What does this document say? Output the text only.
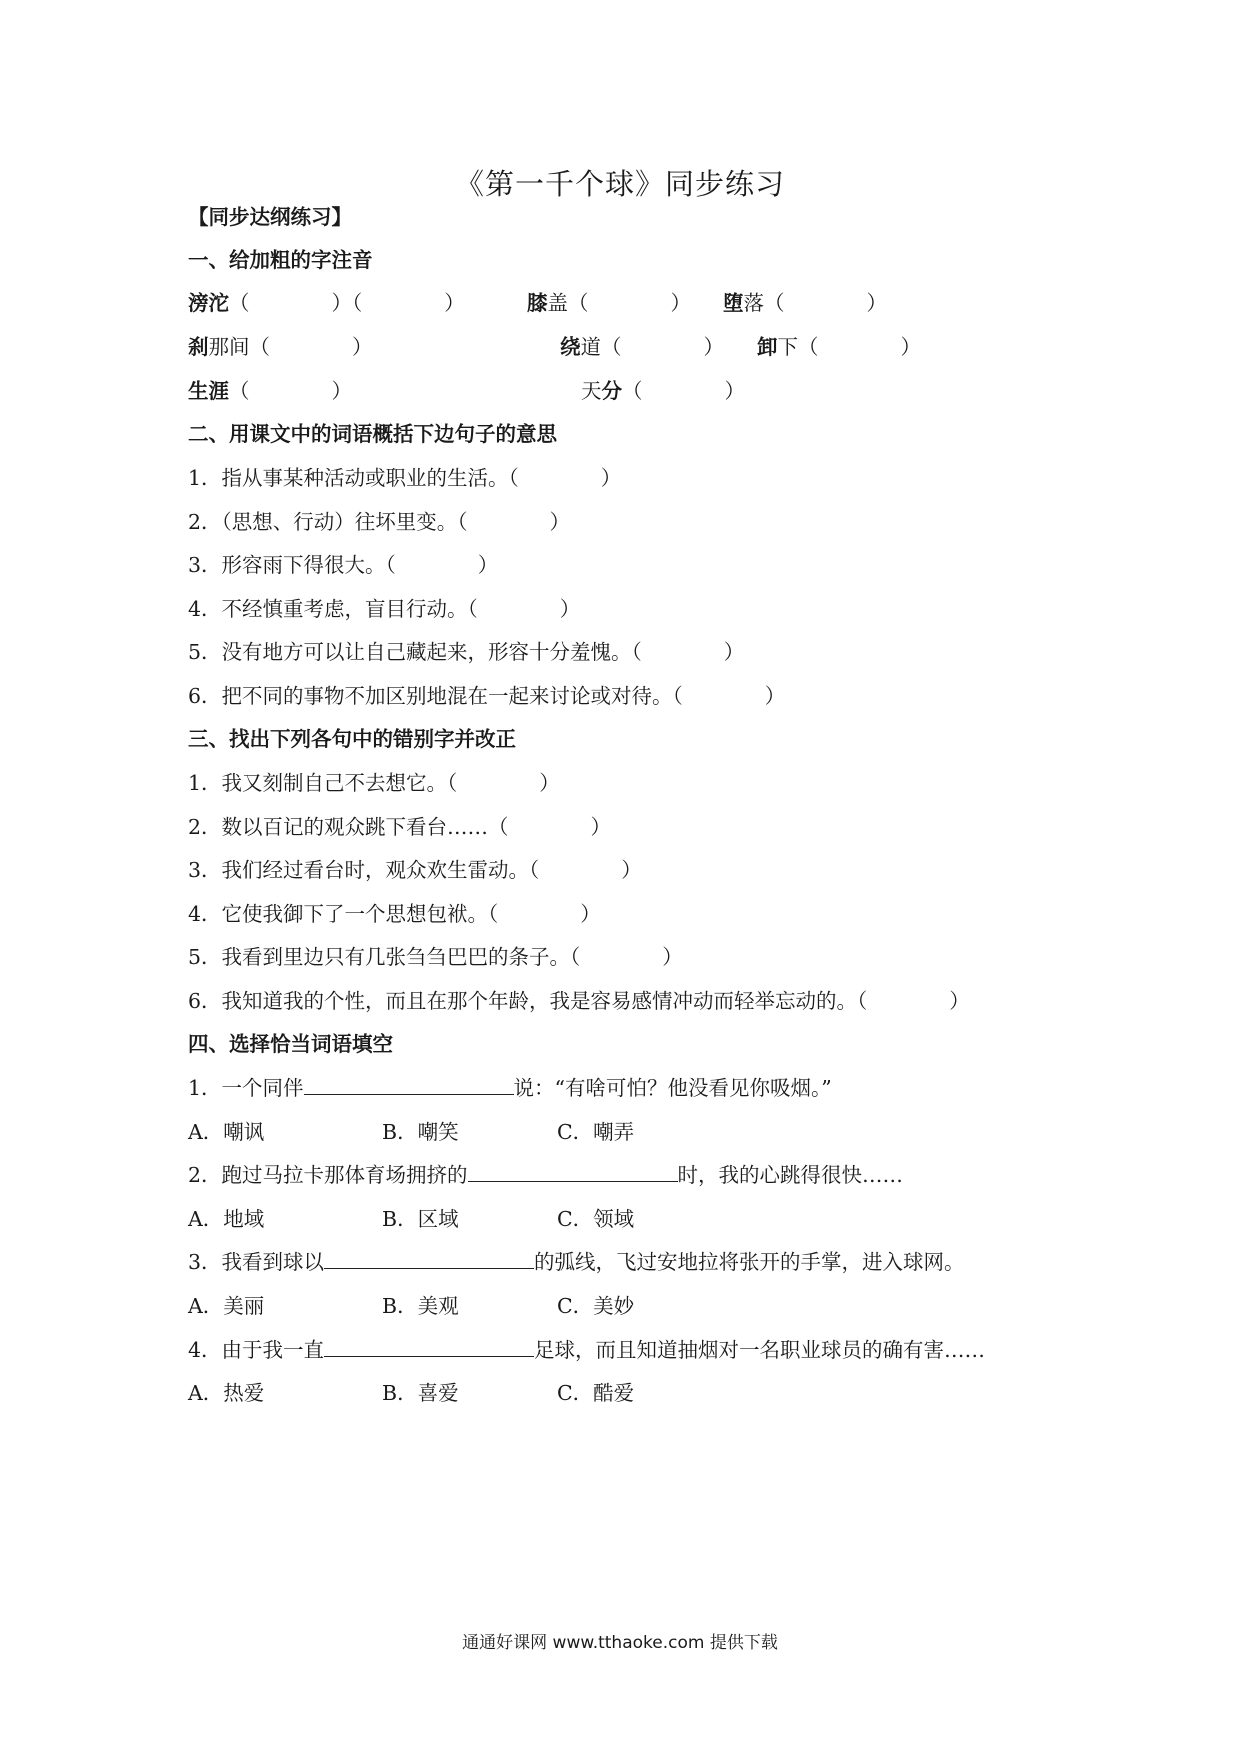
《第一千个球》同步练习
【同步达纲练习】
一、给加粗的字注音
滂沱（　　　　）（　　　　）	膝盖（　　　　） 堕落（　　　　）
刹那间（　　　　）	绕道（　　　　） 卸下（　　　　）
生涯（　　　　）	天分（　　　　）
二、用课文中的词语概括下边句子的意思
1．指从事某种活动或职业的生活。（　　　　）
2．（思想、行动）往坏里变。（　　　　）
3．形容雨下得很大。（　　　　）
4．不经慎重考虑，盲目行动。（　　　　）
5．没有地方可以让自己藏起来，形容十分羞愧。（　　　　）
6．把不同的事物不加区别地混在一起来讨论或对待。（　　　　）
三、找出下列各句中的错别字并改正
1．我又刻制自己不去想它。（　　　　）
2．数以百记的观众跳下看台……（　　　　）
3．我们经过看台时，观众欢生雷动。（　　　　）
4．它使我御下了一个思想包袱。（　　　　）
5．我看到里边只有几张刍刍巴巴的条子。（　　　　）
6．我知道我的个性，而且在那个年龄，我是容易感情冲动而轻举忘动的。（　　　　）
四、选择恰当词语填空
1．一个同伴	说：“有啥可怕？他没看见你吸烟。”
A．嘲讽	B．嘲笑	C．嘲弄
2．跑过马拉卡那体育场拥挤的	时，我的心跳得很快……
A．地域	B．区域	C．领域
3．我看到球以	的弧线，飞过安地拉将张开的手掌，进入球网。
A．美丽	B．美观	C．美妙
4．由于我一直	足球，而且知道抽烟对一名职业球员的确有害……
A．热爱	B．喜爱	C．酷爱
通通好课网 www.tthaoke.com 提供下载
